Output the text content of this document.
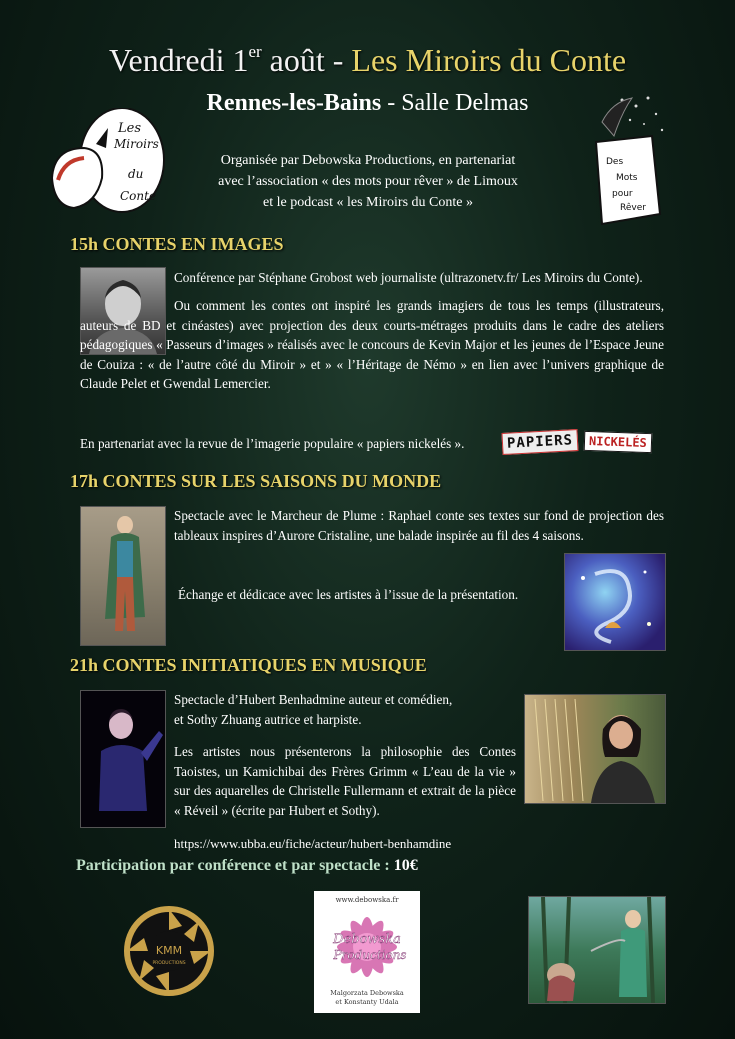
Vendredi 1er août - Les Miroirs du Conte
Rennes-les-Bains - Salle Delmas
Organisée par Debowska Productions, en partenariat
avec l’association « des mots pour rêver » de Limoux
et le podcast « les Miroirs du Conte »
Les
Miroirs
du
Conte
Des
Mots
pour
Rêver
15h CONTES EN IMAGES
Conférence par Stéphane Grobost web journaliste (ultrazonetv.fr/ Les Miroirs du Conte).
Ou comment les contes ont inspiré les grands imagiers de tous les temps (illustrateurs, auteurs de BD et cinéastes) avec projection des deux courts-métrages produits dans le cadre des ateliers pédagogiques « Passeurs d’images » réalisés avec le concours de Kevin Major et les jeunes de l’Espace Jeune de Couiza : « de l’autre côté du Miroir » et » « l’Héritage de Némo » en lien avec l’univers graphique de Claude Pelet et Gwendal Lemercier.
En partenariat avec la revue de l’imagerie populaire « papiers nickelés ».	PAPIERS	NICKELÉS
17h CONTES SUR LES SAISONS DU MONDE
Spectacle avec le Marcheur de Plume : Raphael conte ses textes sur fond de projection des tableaux inspires d’Aurore Cristaline, une balade inspirée au fil des 4 saisons.
Échange et dédicace avec les artistes à l’issue de la présentation.
21h CONTES INITIATIQUES EN MUSIQUE
Spectacle d’Hubert Benhadmine auteur et comédien,
et Sothy Zhuang autrice et harpiste.
Les artistes nous présenterons la philosophie des Contes Taoistes, un Kamichibai des Frères Grimm « L’eau de la vie » sur des aquarelles de Christelle Fullermann et extrait de la pièce « Réveil » (écrite par Hubert et Sothy).
https://www.ubba.eu/fiche/acteur/hubert-benhamdine
Participation par conférence et par spectacle : 10€
KMM
PRODUCTIONS
www.debowska.fr
Debowska
Productions
Malgorzata Debowska
et Konstanty Udala
